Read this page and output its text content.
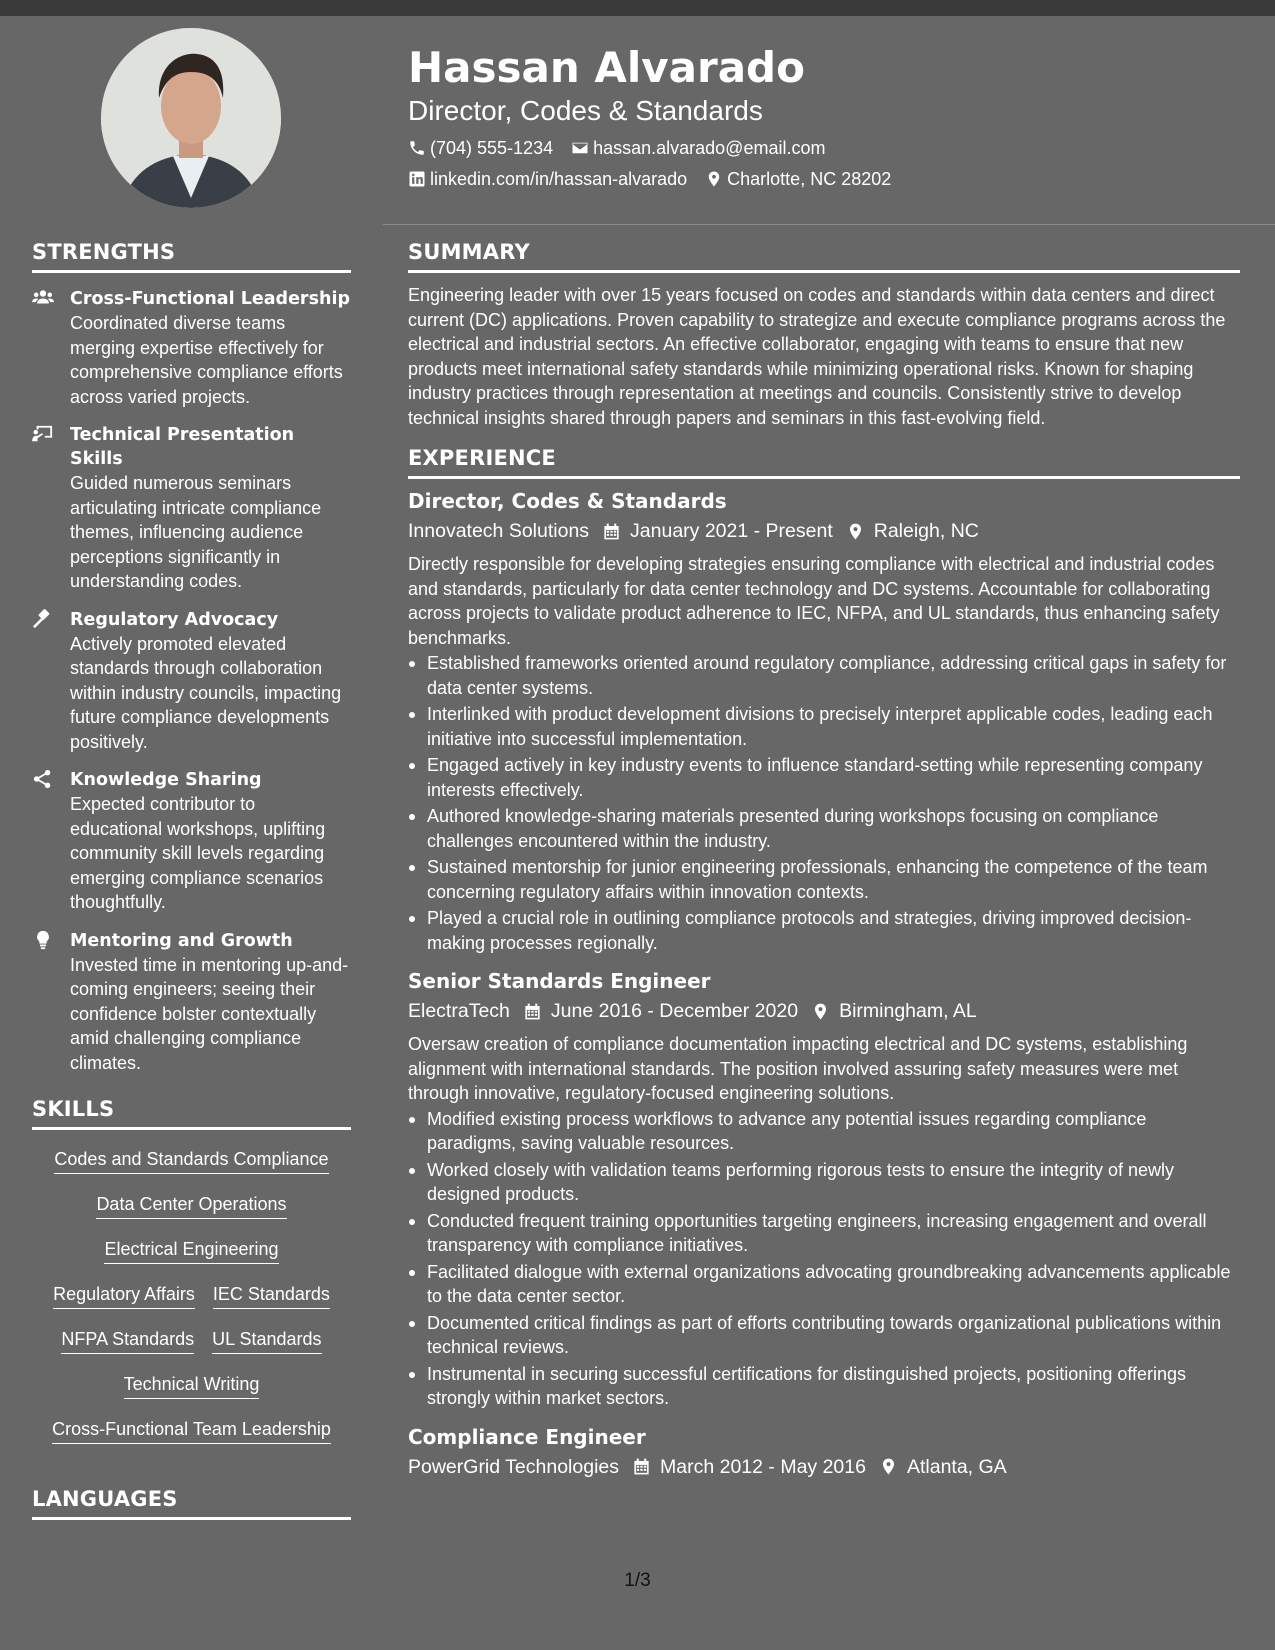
Hassan Alvarado
Director, Codes & Standards
(704) 555-1234 hassan.alvarado@email.com
linkedin.com/in/hassan-alvarado Charlotte, NC 28202
STRENGTHS
Cross-Functional Leadership
Coordinated diverse teams merging expertise effectively for comprehensive compliance efforts across varied projects.
Technical Presentation Skills
Guided numerous seminars articulating intricate compliance themes, influencing audience perceptions significantly in understanding codes.
Regulatory Advocacy
Actively promoted elevated standards through collaboration within industry councils, impacting future compliance developments positively.
Knowledge Sharing
Expected contributor to educational workshops, uplifting community skill levels regarding emerging compliance scenarios thoughtfully.
Mentoring and Growth
Invested time in mentoring up-and-coming engineers; seeing their confidence bolster contextually amid challenging compliance climates.
SKILLS
Codes and Standards Compliance
Data Center Operations
Electrical Engineering
Regulatory Affairs IEC Standards
NFPA Standards UL Standards
Technical Writing
Cross-Functional Team Leadership
LANGUAGES
SUMMARY
Engineering leader with over 15 years focused on codes and standards within data centers and direct current (DC) applications. Proven capability to strategize and execute compliance programs across the electrical and industrial sectors. An effective collaborator, engaging with teams to ensure that new products meet international safety standards while minimizing operational risks. Known for shaping industry practices through representation at meetings and councils. Consistently strive to develop technical insights shared through papers and seminars in this fast-evolving field.
EXPERIENCE
Director, Codes & Standards
Innovatech Solutions January 2021 - Present Raleigh, NC
Directly responsible for developing strategies ensuring compliance with electrical and industrial codes and standards, particularly for data center technology and DC systems. Accountable for collaborating across projects to validate product adherence to IEC, NFPA, and UL standards, thus enhancing safety benchmarks.
Established frameworks oriented around regulatory compliance, addressing critical gaps in safety for data center systems.
Interlinked with product development divisions to precisely interpret applicable codes, leading each initiative into successful implementation.
Engaged actively in key industry events to influence standard-setting while representing company interests effectively.
Authored knowledge-sharing materials presented during workshops focusing on compliance challenges encountered within the industry.
Sustained mentorship for junior engineering professionals, enhancing the competence of the team concerning regulatory affairs within innovation contexts.
Played a crucial role in outlining compliance protocols and strategies, driving improved decision-making processes regionally.
Senior Standards Engineer
ElectraTech June 2016 - December 2020 Birmingham, AL
Oversaw creation of compliance documentation impacting electrical and DC systems, establishing alignment with international standards. The position involved assuring safety measures were met through innovative, regulatory-focused engineering solutions.
Modified existing process workflows to advance any potential issues regarding compliance paradigms, saving valuable resources.
Worked closely with validation teams performing rigorous tests to ensure the integrity of newly designed products.
Conducted frequent training opportunities targeting engineers, increasing engagement and overall transparency with compliance initiatives.
Facilitated dialogue with external organizations advocating groundbreaking advancements applicable to the data center sector.
Documented critical findings as part of efforts contributing towards organizational publications within technical reviews.
Instrumental in securing successful certifications for distinguished projects, positioning offerings strongly within market sectors.
Compliance Engineer
PowerGrid Technologies March 2012 - May 2016 Atlanta, GA
1/3
